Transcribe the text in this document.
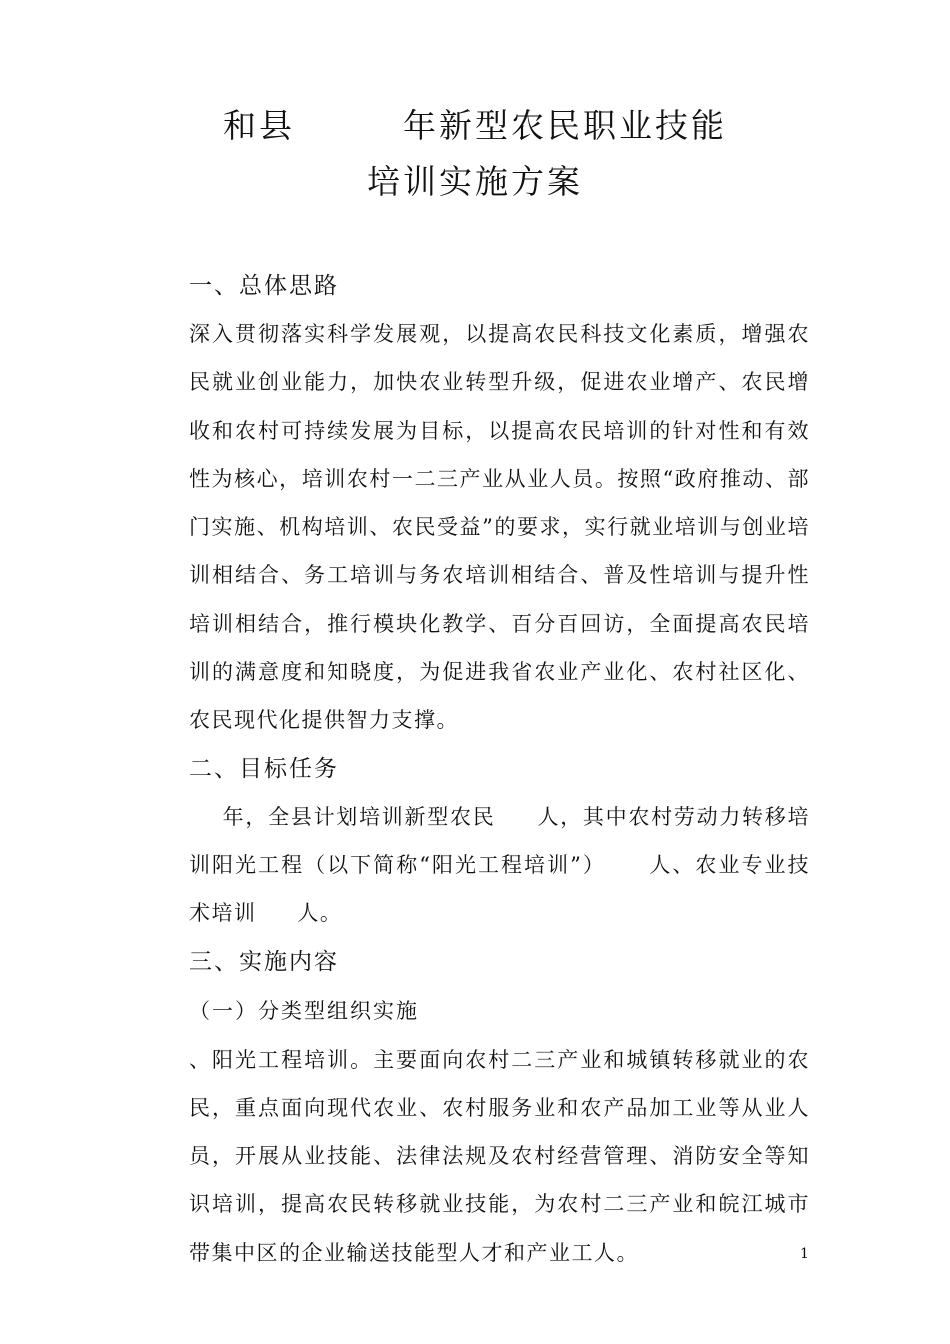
和县        年新型农民职业技能
培训实施方案
一、总体思路

深入贯彻落实科学发展观，以提高农民科技文化素质，增强农民就业创业能力，加快农业转型升级，促进农业增产、农民增收和农村可持续发展为目标，以提高农民培训的针对性和有效性为核心，培训农村一二三产业从业人员。按照“政府推动、部门实施、机构培训、农民受益”的要求，实行就业培训与创业培训相结合、务工培训与务农培训相结合、普及性培训与提升性培训相结合，推行模块化教学、百分百回访，全面提高农民培训的满意度和知晓度，为促进我省农业产业化、农村社区化、农民现代化提供智力支撑。

二、目标任务

年，全县计划培训新型农民     人，其中农村劳动力转移培训阳光工程（以下简称“阳光工程培训”）     人、农业专业技术培训     人。

三、实施内容
（一）分类型组织实施

、阳光工程培训。主要面向农村二三产业和城镇转移就业的农民，重点面向现代农业、农村服务业和农产品加工业等从业人员，开展从业技能、法律法规及农村经营管理、消防安全等知识培训，提高农民转移就业技能，为农村二三产业和皖江城市带集中区的企业输送技能型人才和产业工人。	1
